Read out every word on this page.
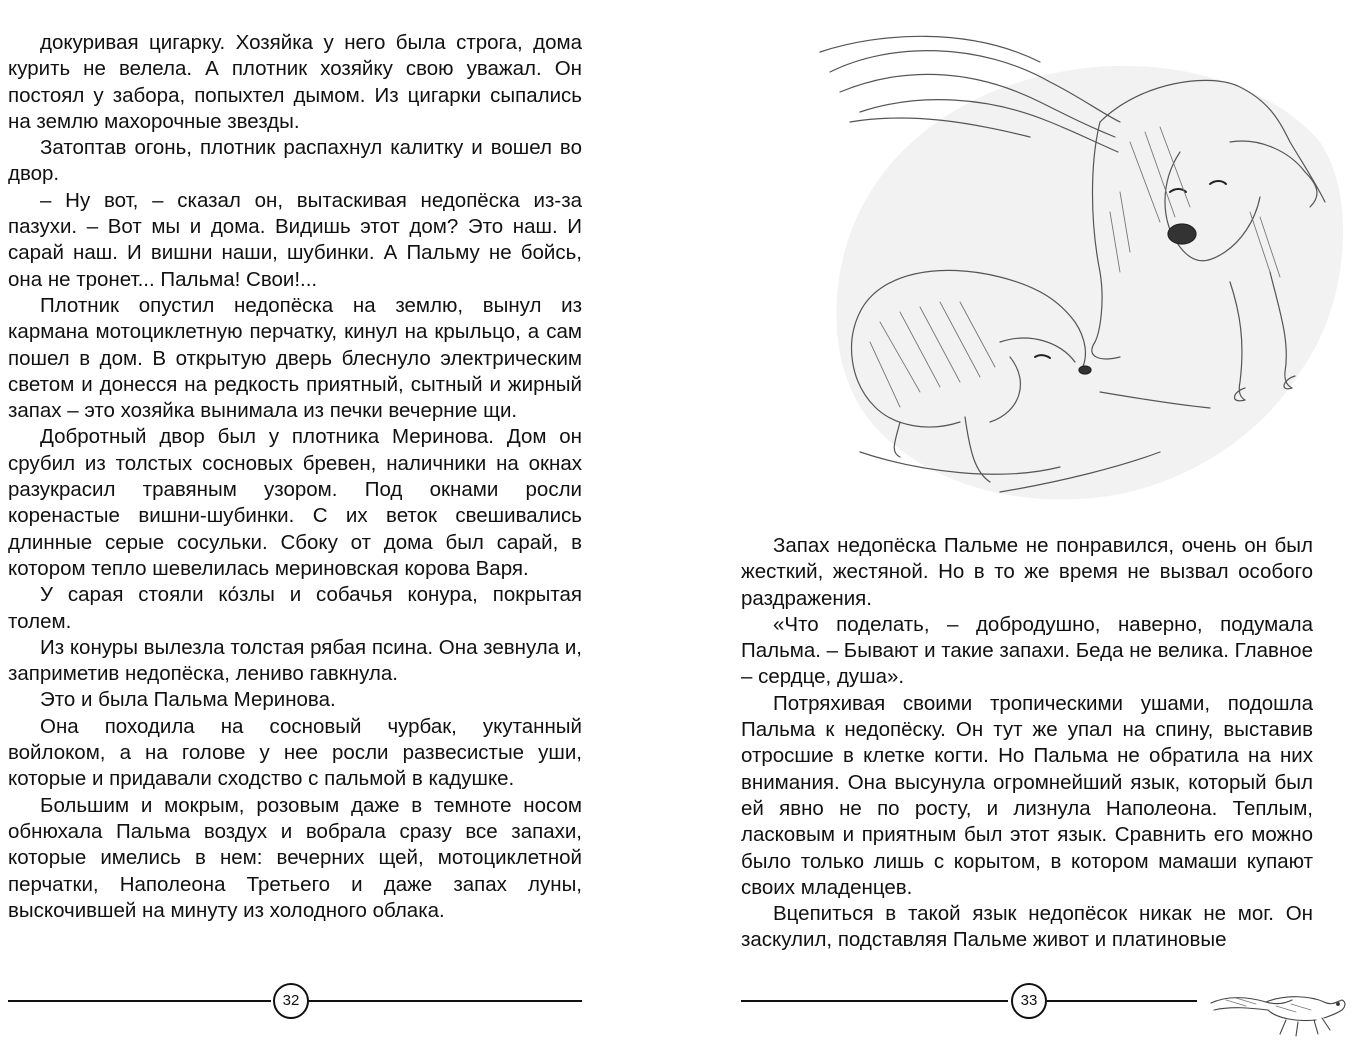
докуривая цигарку. Хозяйка у него была строга, дома курить не велела. А плотник хозяйку свою уважал. Он постоял у забора, попыхтел дымом. Из цигарки сыпались на землю махорочные звезды.

Затоптав огонь, плотник распахнул калитку и вошел во двор.

– Ну вот, – сказал он, вытаскивая недопёска из-за пазухи. – Вот мы и дома. Видишь этот дом? Это наш. И сарай наш. И вишни наши, шубинки. А Пальму не бойсь, она не тронет... Пальма! Свои!...

Плотник опустил недопёска на землю, вынул из кармана мотоциклетную перчатку, кинул на крыльцо, а сам пошел в дом. В открытую дверь блеснуло электрическим светом и донесся на редкость приятный, сытный и жирный запах – это хозяйка вынимала из печки вечерние щи.

Добротный двор был у плотника Меринова. Дом он срубил из толстых сосновых бревен, наличники на окнах разукрасил травяным узором. Под окнами росли коренастые вишни-шубинки. С их веток свешивались длинные серые сосульки. Сбоку от дома был сарай, в котором тепло шевелилась мериновская корова Варя.

У сарая стояли ко́злы и собачья конура, покрытая толем.

Из конуры вылезла толстая рябая псина. Она зевнула и, заприметив недопёска, лениво гавкнула.

Это и была Пальма Меринова.

Она походила на сосновый чурбак, укутанный войлоком, а на голове у нее росли развесистые уши, которые и придавали сходство с пальмой в кадушке.

Большим и мокрым, розовым даже в темноте носом обнюхала Пальма воздух и вобрала сразу все запахи, которые имелись в нем: вечерних щей, мотоциклетной перчатки, Наполеона Третьего и даже запах луны, выскочившей на минуту из холодного облака.

32

Запах недопёска Пальме не понравился, очень он был жесткий, жестяной. Но в то же время не вызвал особого раздражения.

«Что поделать, – добродушно, наверно, подумала Пальма. – Бывают и такие запахи. Беда не велика. Главное – сердце, душа».

Потряхивая своими тропическими ушами, подошла Пальма к недопёску. Он тут же упал на спину, выставив отросшие в клетке когти. Но Пальма не обратила на них внимания. Она высунула огромнейший язык, который был ей явно не по росту, и лизнула Наполеона. Теплым, ласковым и приятным был этот язык. Сравнить его можно было только лишь с корытом, в котором мамаши купают своих младенцев.

Вцепиться в такой язык недопёсок никак не мог. Он заскулил, подставляя Пальме живот и платиновые

33
